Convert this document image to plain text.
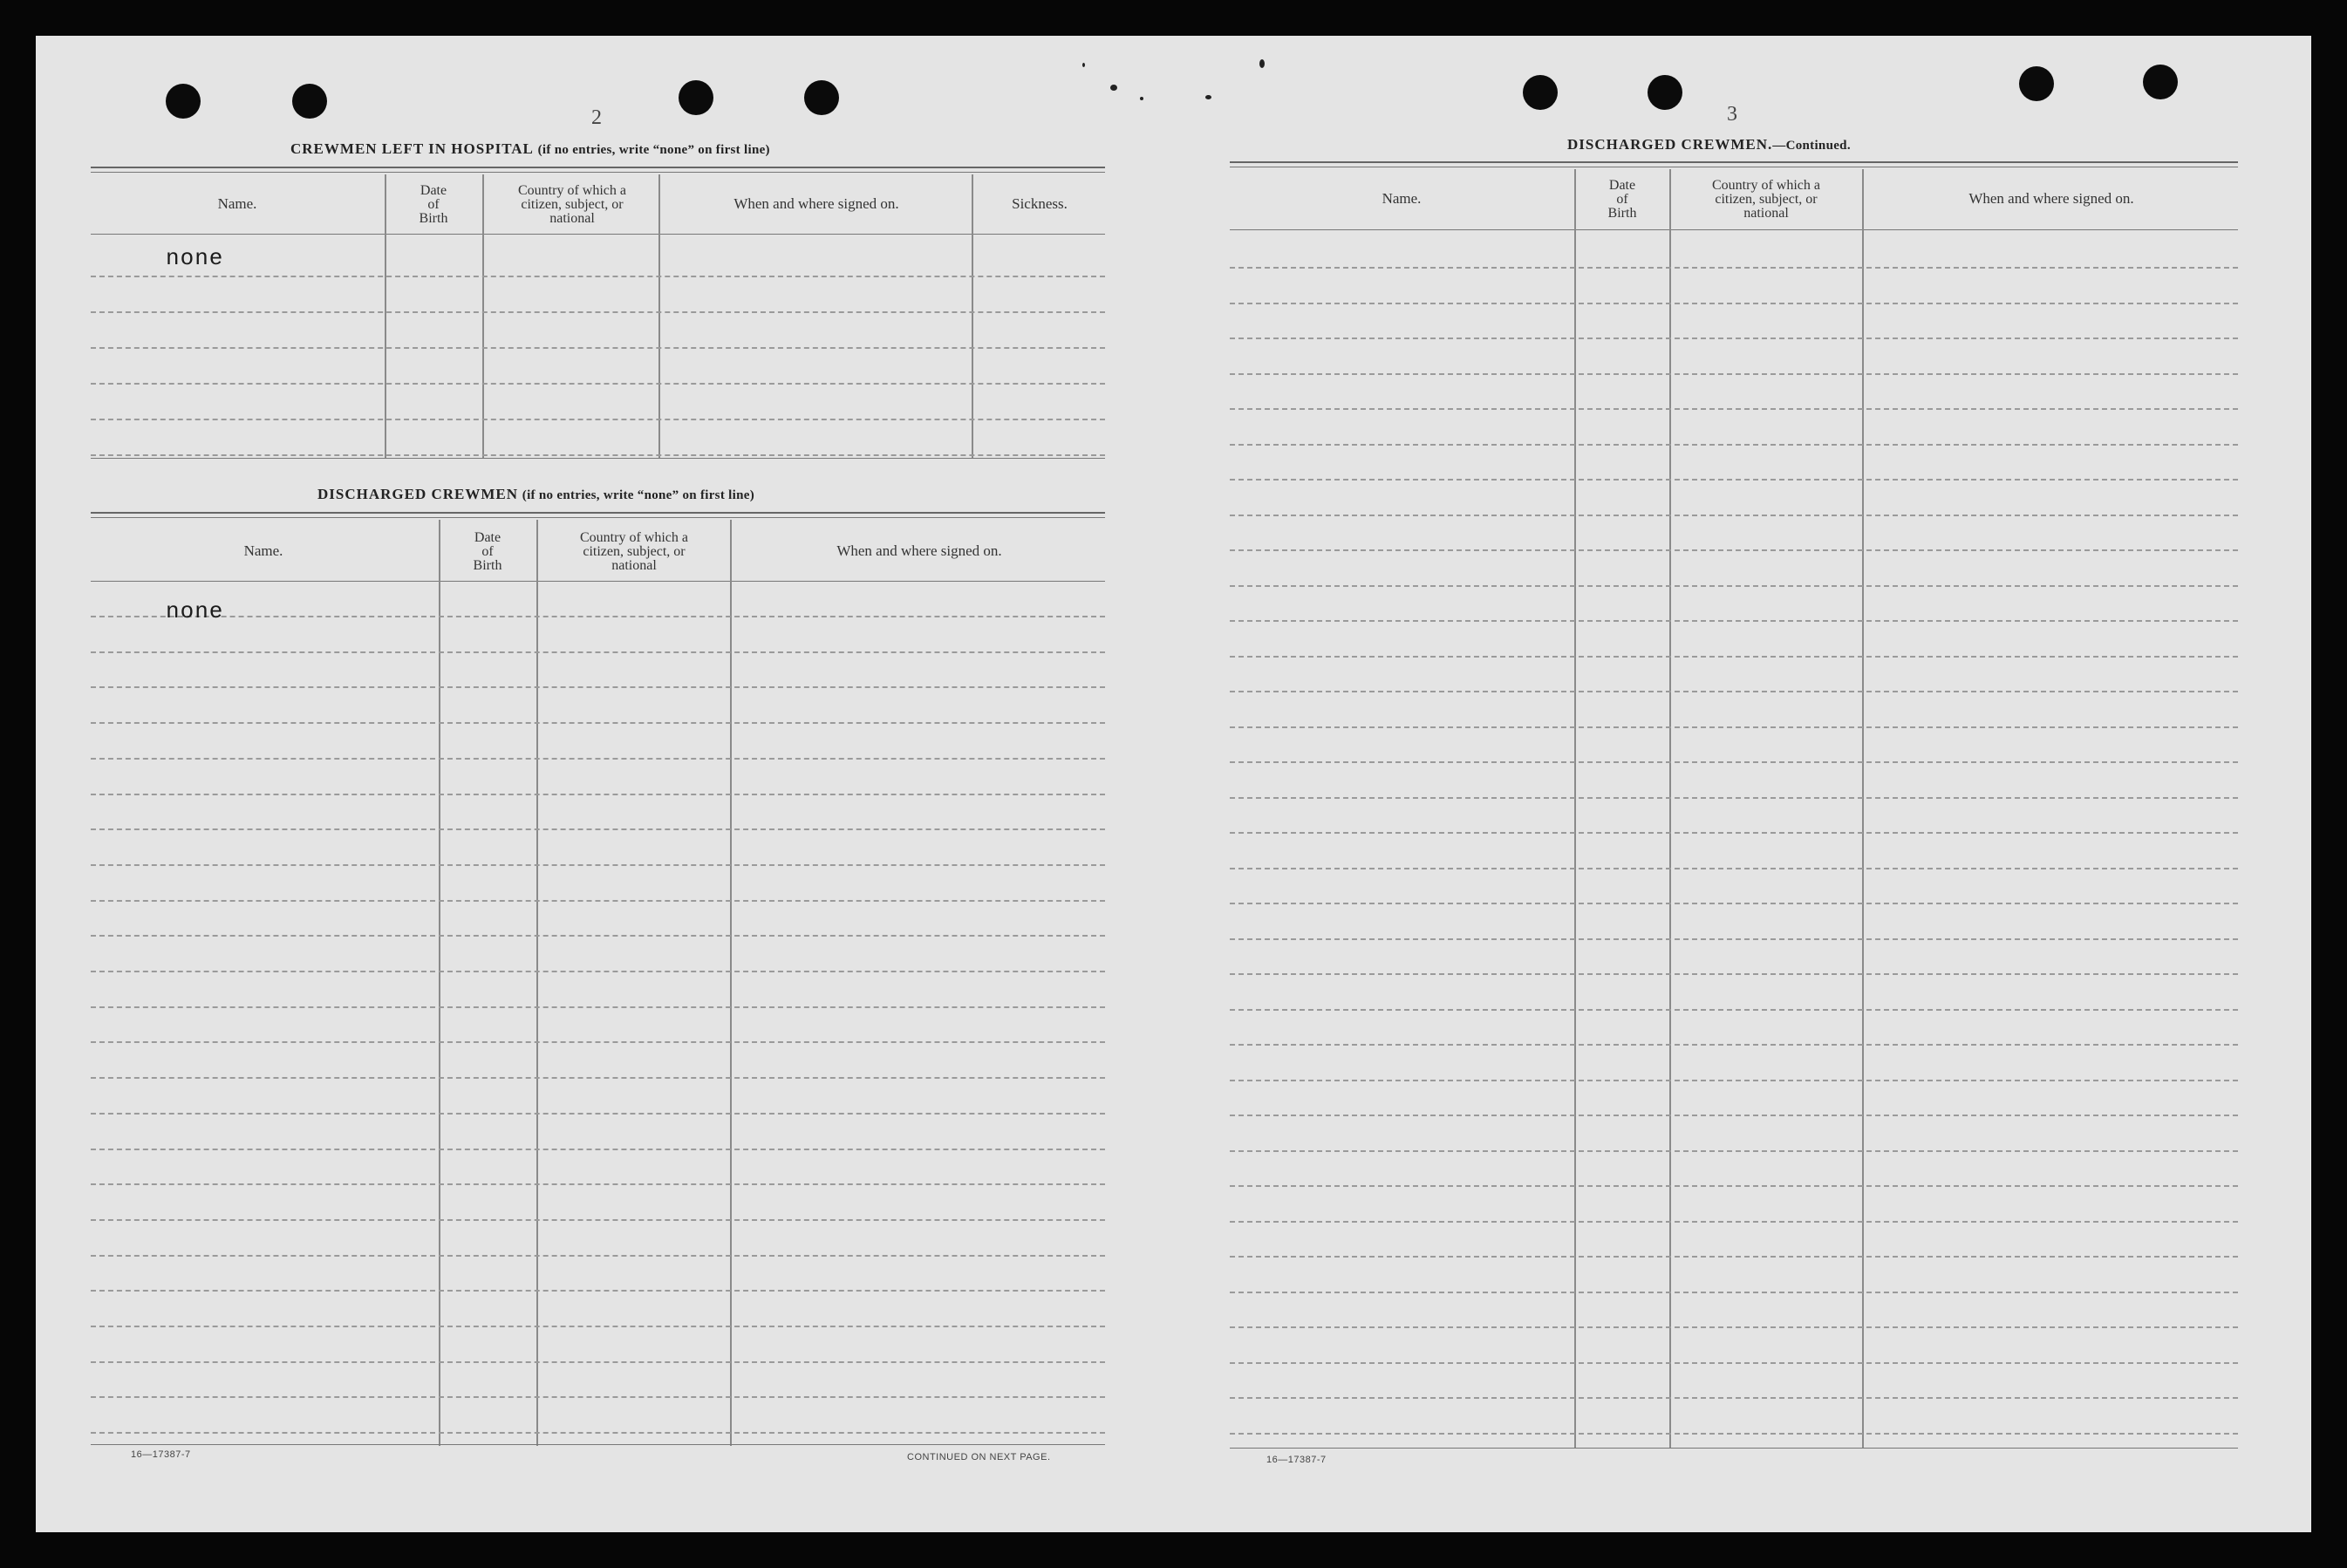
2
CREWMEN LEFT IN HOSPITAL (if no entries, write “none” on first line)
Name.
Date
of
Birth
Country of which a
citizen, subject, or
national
When and where signed on.	Sickness.
none
DISCHARGED CREWMEN (if no entries, write “none” on first line)
Name.
Date
of
Birth
Country of which a
citizen, subject, or
national
When and where signed on.
none
16—17387-7	CONTINUED ON NEXT PAGE.
3
DISCHARGED CREWMEN.—Continued.
Name.
Date
of
Birth
Country of which a
citizen, subject, or
national
When and where signed on.
16—17387-7
